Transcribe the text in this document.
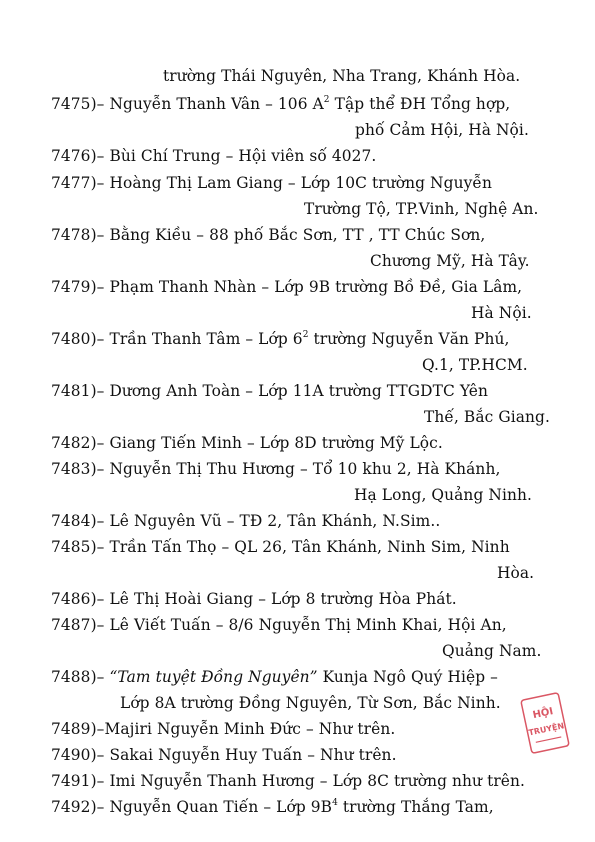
trường Thái Nguyên, Nha Trang, Khánh Hòa.
7475)– Nguyễn Thanh Vân – 106 $A^2$ Tập thể ĐH Tổng hợp,
phố Cảm Hội, Hà Nội.
7476)– Bùi Chí Trung – Hội viên số 4027.
7477)– Hoàng Thị Lam Giang – Lớp 10C trường Nguyễn
Trường Tộ, TP.Vinh, Nghệ An.
7478)– Bằng Kiều – 88 phố Bắc Sơn, TT , TT Chúc Sơn,
Chương Mỹ, Hà Tây.
7479)– Phạm Thanh Nhàn – Lớp 9B trường Bồ Đề, Gia Lâm,
Hà Nội.
7480)– Trần Thanh Tâm – Lớp $6^2$ trường Nguyễn Văn Phú,
Q.1, TP.HCM.
7481)– Dương Anh Toàn – Lớp 11A trường TTGDTC Yên
Thế, Bắc Giang.
7482)– Giang Tiến Minh – Lớp 8D trường Mỹ Lộc.
7483)– Nguyễn Thị Thu Hương – Tổ 10 khu 2, Hà Khánh,
Hạ Long, Quảng Ninh.
7484)– Lê Nguyên Vũ – TĐ 2, Tân Khánh, N.Sim..
7485)– Trần Tấn Thọ – QL 26, Tân Khánh, Ninh Sim, Ninh
Hòa.
7486)– Lê Thị Hoài Giang – Lớp 8 trường Hòa Phát.
7487)– Lê Viết Tuấn – 8/6 Nguyễn Thị Minh Khai, Hội An,
Quảng Nam.
7488)– “Tam tuyệt Đồng Nguyên” Kunja Ngô Quý Hiệp –
Lớp 8A trường Đồng Nguyên, Từ Sơn, Bắc Ninh.
7489)–Majiri Nguyễn Minh Đức – Như trên.
7490)– Sakai Nguyễn Huy Tuấn – Như trên.
7491)– Imi Nguyễn Thanh Hương – Lớp 8C trường như trên.
7492)– Nguyễn Quan Tiến – Lớp $9B^4$ trường Thắng Tam,
HỘI
TRUYỆN
